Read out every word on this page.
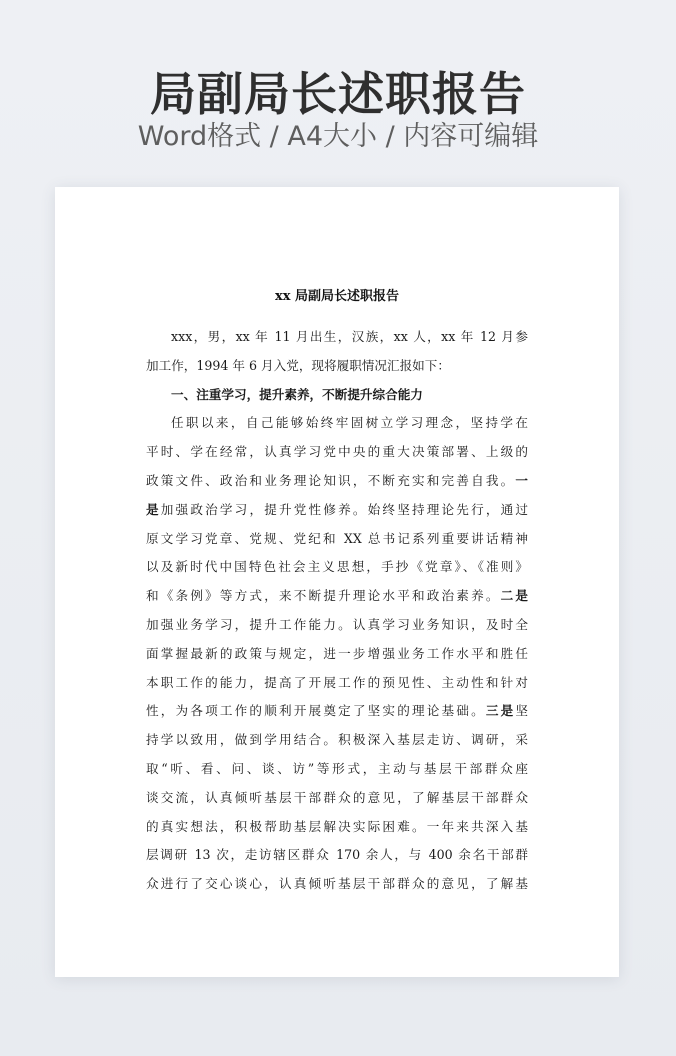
局副局长述职报告
Word格式 / A4大小 / 内容可编辑
xx 局副局长述职报告
xxx，男，xx 年 11 月出生，汉族，xx 人，xx 年 12 月参
加工作，1994 年 6 月入党，现将履职情况汇报如下：
一、注重学习，提升素养，不断提升综合能力
任职以来，自己能够始终牢固树立学习理念，坚持学在
平时、学在经常，认真学习党中央的重大决策部署、上级的
政策文件、政治和业务理论知识，不断充实和完善自我。一
是加强政治学习，提升党性修养。始终坚持理论先行，通过
原文学习党章、党规、党纪和 XX 总书记系列重要讲话精神
以及新时代中国特色社会主义思想，手抄《党章》、《准则》
和《条例》等方式，来不断提升理论水平和政治素养。二是
加强业务学习，提升工作能力。认真学习业务知识，及时全
面掌握最新的政策与规定，进一步增强业务工作水平和胜任
本职工作的能力，提高了开展工作的预见性、主动性和针对
性，为各项工作的顺利开展奠定了坚实的理论基础。三是坚
持学以致用，做到学用结合。积极深入基层走访、调研，采
取“听、看、问、谈、访”等形式，主动与基层干部群众座
谈交流，认真倾听基层干部群众的意见，了解基层干部群众
的真实想法，积极帮助基层解决实际困难。一年来共深入基
层调研 13 次，走访辖区群众 170 余人，与 400 余名干部群
众进行了交心谈心，认真倾听基层干部群众的意见，了解基
